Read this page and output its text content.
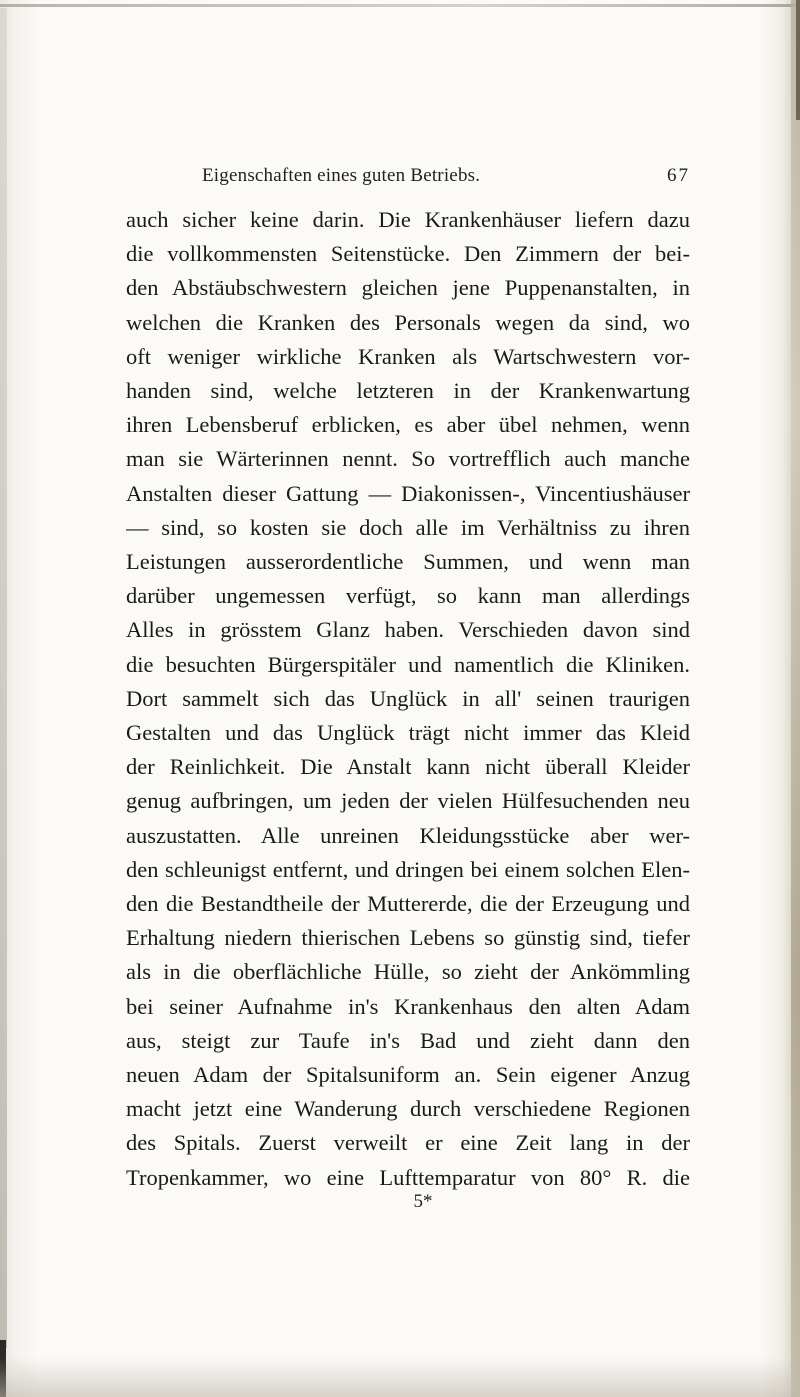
Eigenschaften eines guten Betriebs.	67
auch sicher keine darin. Die Krankenhäuser liefern dazu
die vollkommensten Seitenstücke. Den Zimmern der bei-
den Abstäubschwestern gleichen jene Puppenanstalten, in
welchen die Kranken des Personals wegen da sind, wo
oft weniger wirkliche Kranken als Wartschwestern vor-
handen sind, welche letzteren in der Krankenwartung
ihren Lebensberuf erblicken, es aber übel nehmen, wenn
man sie Wärterinnen nennt. So vortrefflich auch manche
Anstalten dieser Gattung — Diakonissen-, Vincentiushäuser
— sind, so kosten sie doch alle im Verhältniss zu ihren
Leistungen ausserordentliche Summen, und wenn man
darüber ungemessen verfügt, so kann man allerdings
Alles in grösstem Glanz haben. Verschieden davon sind
die besuchten Bürgerspitäler und namentlich die Kliniken.
Dort sammelt sich das Unglück in all' seinen traurigen
Gestalten und das Unglück trägt nicht immer das Kleid
der Reinlichkeit. Die Anstalt kann nicht überall Kleider
genug aufbringen, um jeden der vielen Hülfesuchenden neu
auszustatten. Alle unreinen Kleidungsstücke aber wer-
den schleunigst entfernt, und dringen bei einem solchen Elen-
den die Bestandtheile der Muttererde, die der Erzeugung und
Erhaltung niedern thierischen Lebens so günstig sind, tiefer
als in die oberflächliche Hülle, so zieht der Ankömmling
bei seiner Aufnahme in's Krankenhaus den alten Adam
aus, steigt zur Taufe in's Bad und zieht dann den
neuen Adam der Spitalsuniform an. Sein eigener Anzug
macht jetzt eine Wanderung durch verschiedene Regionen
des Spitals. Zuerst verweilt er eine Zeit lang in der
Tropenkammer, wo eine Lufttemparatur von 80° R. die
5*
